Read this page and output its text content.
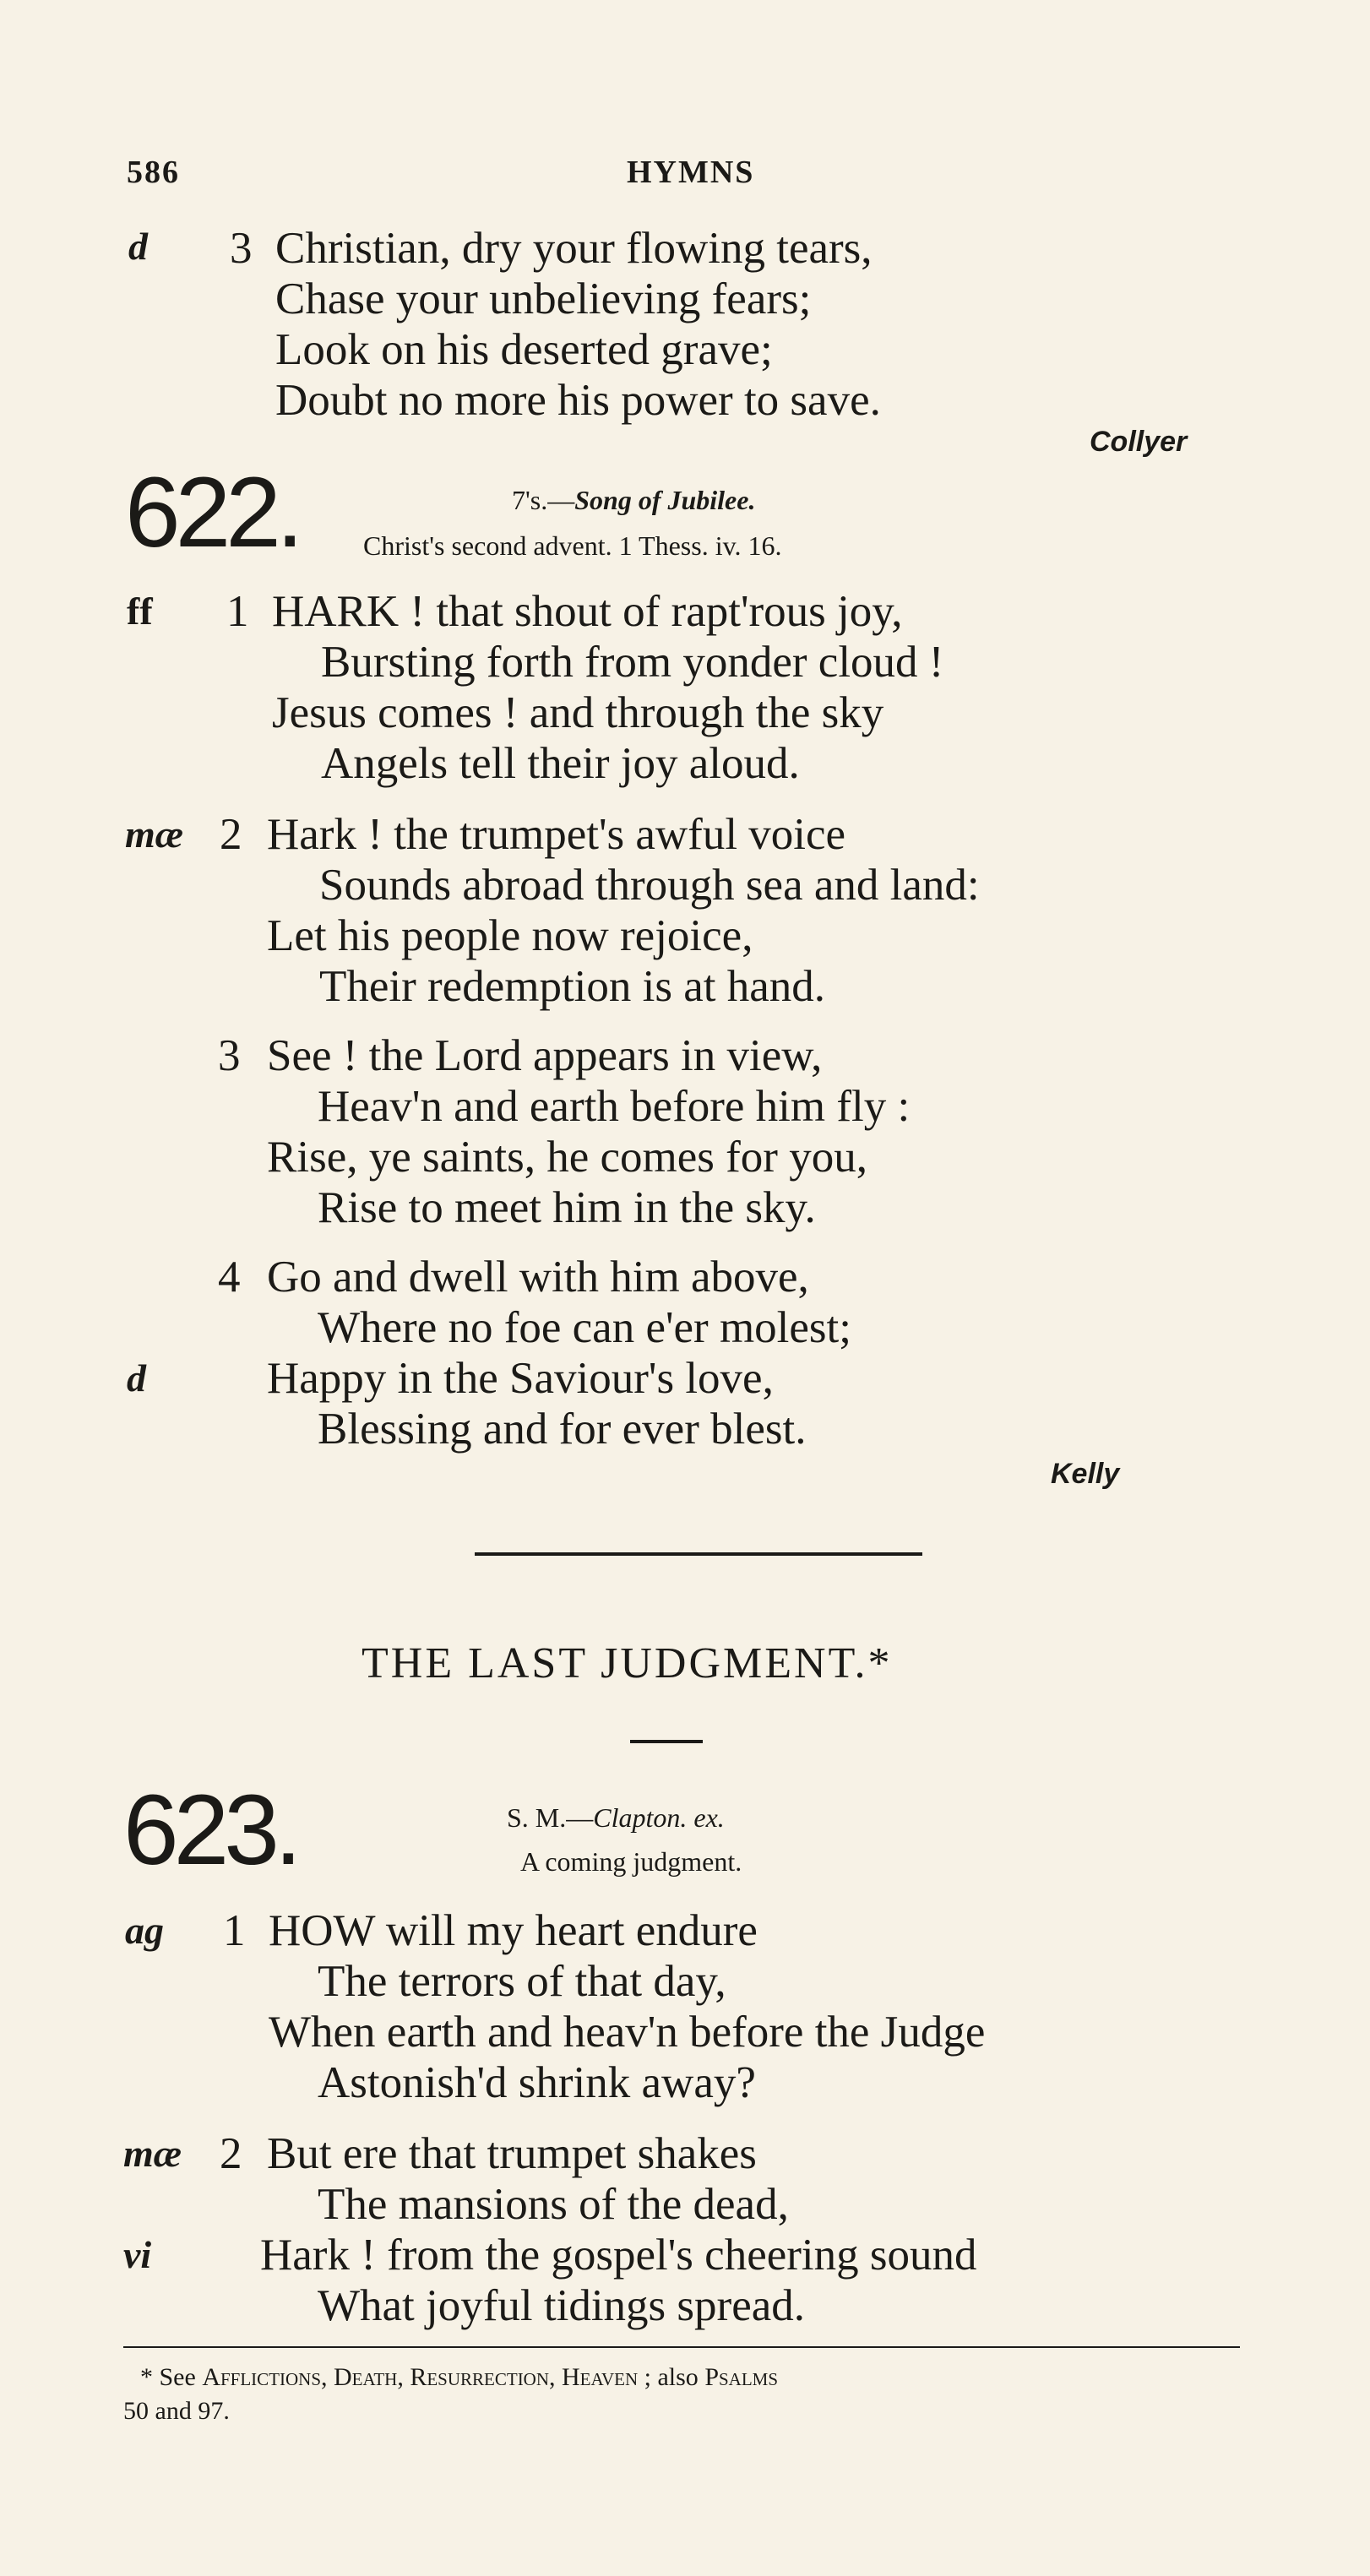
586	HYMNS
d 3 Christian, dry your flowing tears,
Chase your unbelieving fears;
Look on his deserted grave;
Doubt no more his power to save.
Collyer
622.	7's.—Song of Jubilee.
Christ's second advent. 1 Thess. iv. 16.
ff 1 HARK ! that shout of rapt'rous joy,
Bursting forth from yonder cloud !
Jesus comes ! and through the sky
Angels tell their joy aloud.
mæ 2 Hark ! the trumpet's awful voice
Sounds abroad through sea and land:
Let his people now rejoice,
Their redemption is at hand.
3 See ! the Lord appears in view,
Heav'n and earth before him fly :
Rise, ye saints, he comes for you,
Rise to meet him in the sky.
4 Go and dwell with him above,
Where no foe can e'er molest;
d	Happy in the Saviour's love,
Blessing and for ever blest.
Kelly
THE LAST JUDGMENT.*
623.	S. M.—Clapton. ex.
A coming judgment.
ag 1 HOW will my heart endure
The terrors of that day,
When earth and heav'n before the Judge
Astonish'd shrink away?
mæ 2 But ere that trumpet shakes
The mansions of the dead,
vi Hark ! from the gospel's cheering sound
What joyful tidings spread.
* See Afflictions, Death, Resurrection, Heaven ; also Psalms
50 and 97.
